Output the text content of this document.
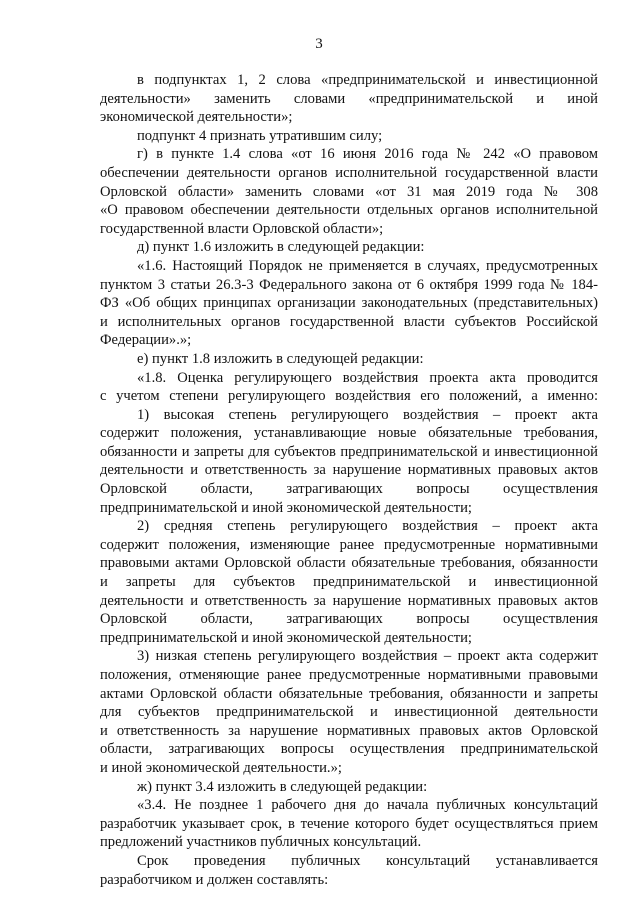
3
в подпунктах 1, 2 слова «предпринимательской и инвестиционной
деятельности» заменить словами «предпринимательской и иной
экономической деятельности»;
подпункт 4 признать утратившим силу;
г) в пункте 1.4 слова «от 16 июня 2016 года № 242 «О правовом
обеспечении деятельности органов исполнительной государственной власти
Орловской области» заменить словами «от 31 мая 2019 года № 308
«О правовом обеспечении деятельности отдельных органов исполнительной
государственной власти Орловской области»;
д) пункт 1.6 изложить в следующей редакции:
«1.6. Настоящий Порядок не применяется в случаях, предусмотренных
пунктом 3 статьи 26.3-3 Федерального закона от 6 октября 1999 года № 184-
ФЗ «Об общих принципах организации законодательных (представительных)
и исполнительных органов государственной власти субъектов Российской
Федерации».»;
е) пункт 1.8 изложить в следующей редакции:
«1.8. Оценка регулирующего воздействия проекта акта проводится
с учетом степени регулирующего воздействия его положений, а именно:
1) высокая степень регулирующего воздействия – проект акта
содержит положения, устанавливающие новые обязательные требования,
обязанности и запреты для субъектов предпринимательской и инвестиционной
деятельности и ответственность за нарушение нормативных правовых актов
Орловской области, затрагивающих вопросы осуществления
предпринимательской и иной экономической деятельности;
2) средняя степень регулирующего воздействия – проект акта
содержит положения, изменяющие ранее предусмотренные нормативными
правовыми актами Орловской области обязательные требования, обязанности
и запреты для субъектов предпринимательской и инвестиционной
деятельности и ответственность за нарушение нормативных правовых актов
Орловской области, затрагивающих вопросы осуществления
предпринимательской и иной экономической деятельности;
3) низкая степень регулирующего воздействия – проект акта содержит
положения, отменяющие ранее предусмотренные нормативными правовыми
актами Орловской области обязательные требования, обязанности и запреты
для субъектов предпринимательской и инвестиционной деятельности
и ответственность за нарушение нормативных правовых актов Орловской
области, затрагивающих вопросы осуществления предпринимательской
и иной экономической деятельности.»;
ж) пункт 3.4 изложить в следующей редакции:
«3.4. Не позднее 1 рабочего дня до начала публичных консультаций
разработчик указывает срок, в течение которого будет осуществляться прием
предложений участников публичных консультаций.
Срок проведения публичных консультаций устанавливается
разработчиком и должен составлять:
